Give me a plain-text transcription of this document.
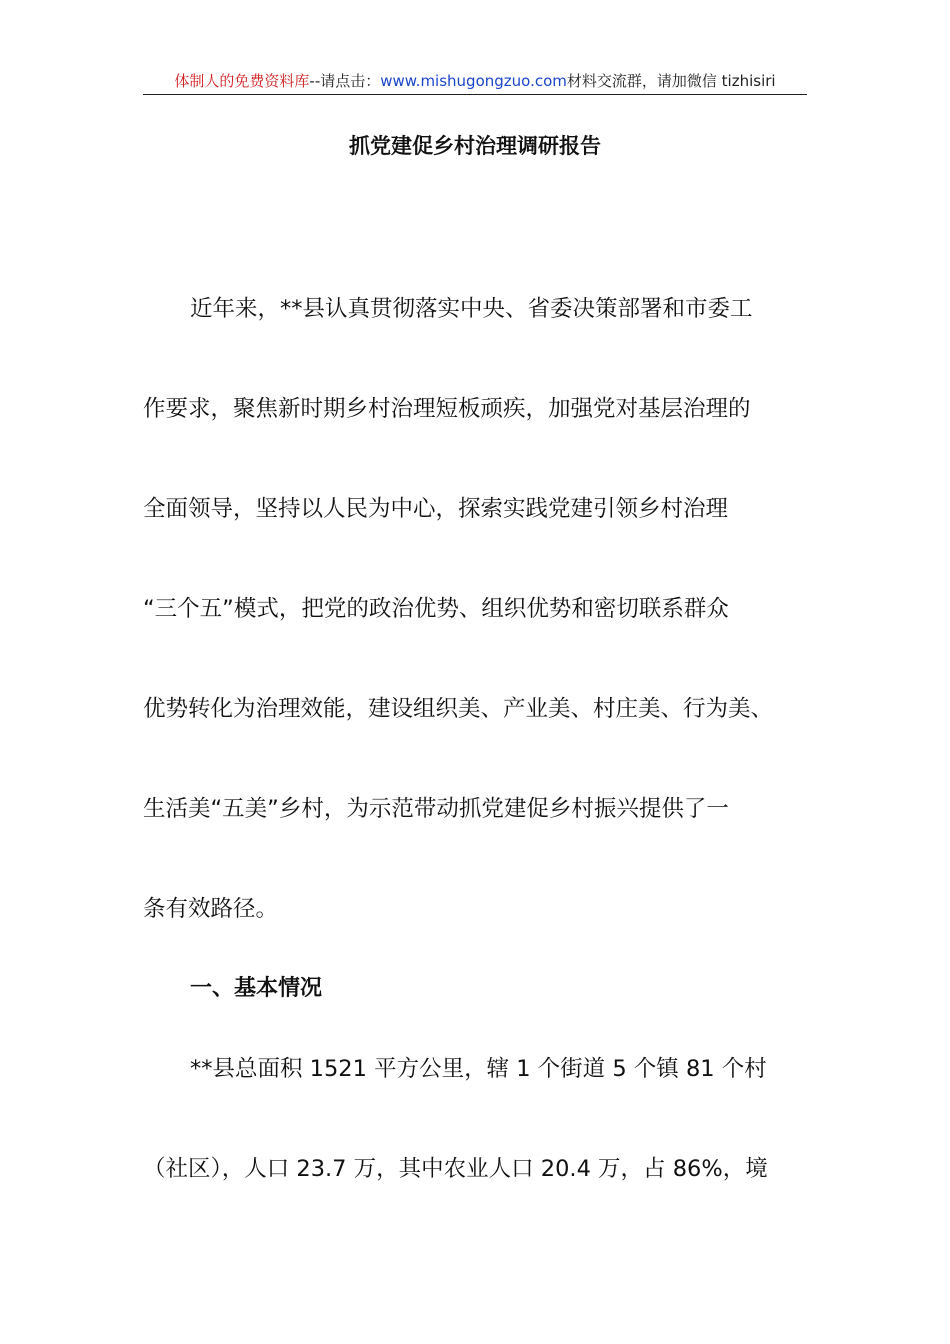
体制人的免费资料库--请点击：www.mishugongzuo.com材料交流群，请加微信 tizhisiri
抓党建促乡村治理调研报告
近年来，**县认真贯彻落实中央、省委决策部署和市委工
作要求，聚焦新时期乡村治理短板顽疾，加强党对基层治理的
全面领导，坚持以人民为中心，探索实践党建引领乡村治理
“三个五”模式，把党的政治优势、组织优势和密切联系群众
优势转化为治理效能，建设组织美、产业美、村庄美、行为美、
生活美“五美”乡村，为示范带动抓党建促乡村振兴提供了一
条有效路径。
一、基本情况
**县总面积 1521 平方公里，辖 1 个街道 5 个镇 81 个村
（社区），人口 23.7 万，其中农业人口 20.4 万，占 86%，境
